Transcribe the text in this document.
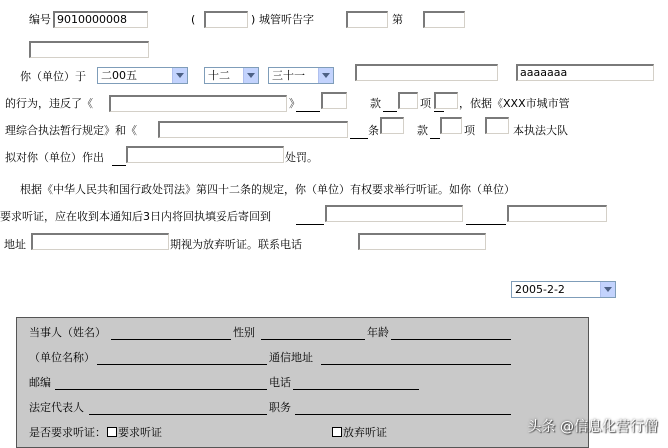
编号 9010000008	(	) 城管听告字	第
你（单位）于	二00五	十二	三十一	aaaaaaa
的行为，违反了《	》	款	项	，依据《XXX市城市管
理综合执法暂行规定》和《	条	款	项	本执法大队
拟对你（单位）作出	处罚。
根据《中华人民共和国行政处罚法》第四十二条的规定，你（单位）有权要求举行听证。如你（单位）
要求听证，应在收到本通知后3日内将回执填妥后寄回到
地址	期视为放弃听证。联系电话
2005-2-2
当事人（姓名）	性别	年龄
（单位名称）	通信地址
邮编	电话
法定代表人	职务
是否要求听证： 要求听证	放弃听证	头条 @信息化营行僧
